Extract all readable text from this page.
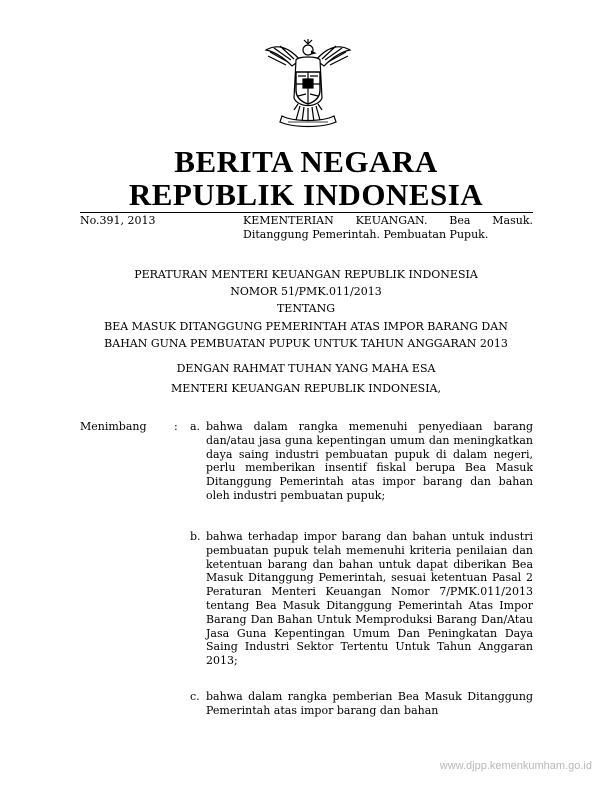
BERITA NEGARA
REPUBLIK INDONESIA
No.391, 2013	KEMENTERIAN KEUANGAN. Bea Masuk. Ditanggung Pemerintah. Pembuatan Pupuk.
PERATURAN MENTERI KEUANGAN REPUBLIK INDONESIA
NOMOR 51/PMK.011/2013
TENTANG
BEA MASUK DITANGGUNG PEMERINTAH ATAS IMPOR BARANG DAN
BAHAN GUNA PEMBUATAN PUPUK UNTUK TAHUN ANGGARAN 2013
DENGAN RAHMAT TUHAN YANG MAHA ESA
MENTERI KEUANGAN REPUBLIK INDONESIA,
Menimbang : a. bahwa dalam rangka memenuhi penyediaan barang dan/atau jasa guna kepentingan umum dan meningkatkan daya saing industri pembuatan pupuk di dalam negeri, perlu memberikan insentif fiskal berupa Bea Masuk Ditanggung Pemerintah atas impor barang dan bahan oleh industri pembuatan pupuk;
b. bahwa terhadap impor barang dan bahan untuk industri pembuatan pupuk telah memenuhi kriteria penilaian dan ketentuan barang dan bahan untuk dapat diberikan Bea Masuk Ditanggung Pemerintah, sesuai ketentuan Pasal 2 Peraturan Menteri Keuangan Nomor 7/PMK.011/2013 tentang Bea Masuk Ditanggung Pemerintah Atas Impor Barang Dan Bahan Untuk Memproduksi Barang Dan/Atau Jasa Guna Kepentingan Umum Dan Peningkatan Daya Saing Industri Sektor Tertentu Untuk Tahun Anggaran 2013;
c. bahwa dalam rangka pemberian Bea Masuk Ditanggung Pemerintah atas impor barang dan bahan
www.djpp.kemenkumham.go.id
